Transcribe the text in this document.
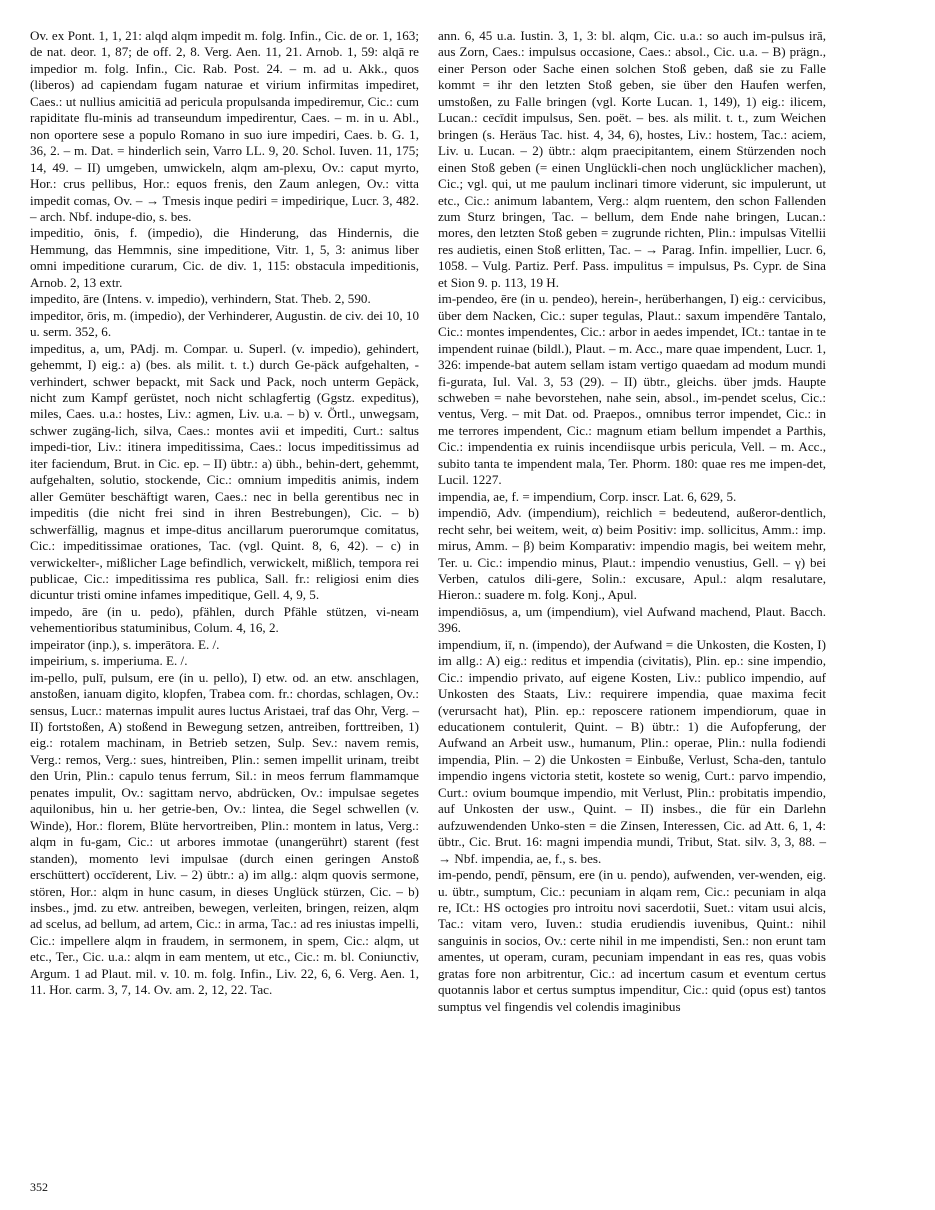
Ov. ex Pont. 1, 1, 21: alqd alqm impedit m. folg. Infin., Cic. de or. 1, 163; de nat. deor. 1, 87; de off. 2, 8. Verg. Aen. 11, 21. Arnob. 1, 59: alqā re impedior m. folg. Infin., Cic. Rab. Post. 24. – m. ad u. Akk., quos (liberos) ad capiendam fugam naturae et virium infirmitas impediret, Caes.: ut nullius amicitiā ad pericula propulsanda impediremur, Cic.: cum rapiditate flu-minis ad transeundum impedirentur, Caes. – m. in u. Abl., non oportere sese a populo Romano in suo iure impediri, Caes. b. G. 1, 36, 2. – m. Dat. = hinderlich sein, Varro LL. 9, 20. Schol. Iuven. 11, 175; 14, 49. – II) umgeben, umwickeln, alqm am-plexu, Ov.: caput myrto, Hor.: crus pellibus, Hor.: equos frenis, den Zaum anlegen, Ov.: vitta impedit comas, Ov. – → Tmesis inque pediri = impedirique, Lucr. 3, 482. – arch. Nbf. indupe-dio, s. bes.
impeditio, ōnis, f. (impedio), die Hinderung, das Hindernis, die Hemmung, das Hemmnis, sine impeditione, Vitr. 1, 5, 3: animus liber omni impeditione curarum, Cic. de div. 1, 115: obstacula impeditionis, Arnob. 2, 13 extr.
impedito, āre (Intens. v. impedio), verhindern, Stat. Theb. 2, 590.
impeditor, ōris, m. (impedio), der Verhinderer, Augustin. de civ. dei 10, 10 u. serm. 352, 6.
impeditus, a, um, PAdj. m. Compar. u. Superl. (v. impedio), gehindert, gehemmt, I) eig.: a) (bes. als milit. t. t.) durch Ge-päck aufgehalten, -verhindert, schwer bepackt, mit Sack und Pack, noch unterm Gepäck, nicht zum Kampf gerüstet, noch nicht schlagfertig (Ggstz. expeditus), miles, Caes. u.a.: hostes, Liv.: agmen, Liv. u.a. – b) v. Örtl., unwegsam, schwer zugäng-lich, silva, Caes.: montes avii et impediti, Curt.: saltus impedi-tior, Liv.: itinera impeditissima, Caes.: locus impeditissimus ad iter faciendum, Brut. in Cic. ep. – II) übtr.: a) übh., behin-dert, gehemmt, aufgehalten, solutio, stockende, Cic.: omnium impeditis animis, indem aller Gemüter beschäftigt waren, Caes.: nec in bella gerentibus nec in impeditis (die nicht frei sind in ihren Bestrebungen), Cic. – b) schwerfällig, magnus et impe-ditus ancillarum puerorumque comitatus, Cic.: impeditissimae orationes, Tac. (vgl. Quint. 8, 6, 42). – c) in verwickelter-, mißlicher Lage befindlich, verwickelt, mißlich, tempora rei publicae, Cic.: impeditissima res publica, Sall. fr.: religiosi enim dies dicuntur tristi omine infames impeditique, Gell. 4, 9, 5.
impedo, āre (in u. pedo), pfählen, durch Pfähle stützen, vi-neam vehementioribus statuminibus, Colum. 4, 16, 2.
impeirator (inp.), s. imperātora. E. /.
impeirium, s. imperiuma. E. /.
im-pello, pulī, pulsum, ere (in u. pello), I) etw. od. an etw. anschlagen, anstoßen, ianuam digito, klopfen, Trabea com. fr.: chordas, schlagen, Ov.: sensus, Lucr.: maternas impulit aures luctus Aristaei, traf das Ohr, Verg. – II) fortstoßen, A) stoßend in Bewegung setzen, antreiben, forttreiben, 1) eig.: rotalem machinam, in Betrieb setzen, Sulp. Sev.: navem remis, Verg.: remos, Verg.: sues, hintreiben, Plin.: semen impellit urinam, treibt den Urin, Plin.: capulo tenus ferrum, Sil.: in meos ferrum flammamque penates impulit, Ov.: sagittam nervo, abdrücken, Ov.: impulsae segetes aquilonibus, hin u. her getrie-ben, Ov.: lintea, die Segel schwellen (v. Winde), Hor.: florem, Blüte hervortreiben, Plin.: montem in latus, Verg.: alqm in fu-gam, Cic.: ut arbores immotae (unangerührt) starent (fest standen), momento levi impulsae (durch einen geringen Anstoß erschüttert) occīderent, Liv. – 2) übtr.: a) im allg.: alqm quovis sermone, stören, Hor.: alqm in hunc casum, in dieses Unglück stürzen, Cic. – b) insbes., jmd. zu etw. antreiben, bewegen, verleiten, bringen, reizen, alqm ad scelus, ad bellum, ad artem, Cic.: in arma, Tac.: ad res iniustas impelli, Cic.: impellere alqm in fraudem, in sermonem, in spem, Cic.: alqm, ut etc., Ter., Cic. u.a.: alqm in eam mentem, ut etc., Cic.: m. bl. Coniunctiv, Argum. 1 ad Plaut. mil. v. 10. m. folg. Infin., Liv. 22, 6, 6. Verg. Aen. 1, 11. Hor. carm. 3, 7, 14. Ov. am. 2, 12, 22. Tac.
ann. 6, 45 u.a. Iustin. 3, 1, 3: bl. alqm, Cic. u.a.: so auch im-pulsus irā, aus Zorn, Caes.: impulsus occasione, Caes.: absol., Cic. u.a. – B) prägn., einer Person oder Sache einen solchen Stoß geben, daß sie zu Falle kommt = ihr den letzten Stoß geben, sie über den Haufen werfen, umstoßen, zu Falle bringen (vgl. Korte Lucan. 1, 149), 1) eig.: ilicem, Lucan.: cecīdit impulsus, Sen. poët. – bes. als milit. t. t., zum Weichen bringen (s. Heräus Tac. hist. 4, 34, 6), hostes, Liv.: hostem, Tac.: aciem, Liv. u. Lucan. – 2) übtr.: alqm praecipitantem, einem Stürzenden noch einen Stoß geben (= einen Unglückli-chen noch unglücklicher machen), Cic.; vgl. qui, ut me paulum inclinari timore viderunt, sic impulerunt, ut etc., Cic.: animum labantem, Verg.: alqm ruentem, den schon Fallenden zum Sturz bringen, Tac. – bellum, dem Ende nahe bringen, Lucan.: mores, den letzten Stoß geben = zugrunde richten, Plin.: impulsas Vitellii res audietis, einen Stoß erlitten, Tac. – → Parag. Infin. impellier, Lucr. 6, 1058. – Vulg. Partiz. Perf. Pass. impulitus = impulsus, Ps. Cypr. de Sina et Sion 9. p. 113, 19 H.
im-pendeo, ēre (in u. pendeo), herein-, herüberhangen, I) eig.: cervicibus, über dem Nacken, Cic.: super tegulas, Plaut.: saxum impendēre Tantalo, Cic.: montes impendentes, Cic.: arbor in aedes impendet, ICt.: tantae in te impendent ruinae (bildl.), Plaut. – m. Acc., mare quae impendent, Lucr. 1, 326: impende-bat autem sellam istam vertigo quaedam ad modum mundi fi-gurata, Iul. Val. 3, 53 (29). – II) übtr., gleichs. über jmds. Haupte schweben = nahe bevorstehen, nahe sein, absol., im-pendet scelus, Cic.: ventus, Verg. – mit Dat. od. Praepos., omnibus terror impendet, Cic.: in me terrores impendent, Cic.: magnum etiam bellum impendet a Parthis, Cic.: impendentia ex ruinis incendiisque urbis pericula, Vell. – m. Acc., subito tanta te impendent mala, Ter. Phorm. 180: quae res me impen-det, Lucil. 1227.
impendia, ae, f. = impendium, Corp. inscr. Lat. 6, 629, 5.
impendiō, Adv. (impendium), reichlich = bedeutend, außeror-dentlich, recht sehr, bei weitem, weit, α) beim Positiv: imp. sollicitus, Amm.: imp. mirus, Amm. – β) beim Komparativ: impendio magis, bei weitem mehr, Ter. u. Cic.: impendio minus, Plaut.: impendio venustius, Gell. – γ) bei Verben, catulos dili-gere, Solin.: excusare, Apul.: alqm resalutare, Hieron.: suadere m. folg. Konj., Apul.
impendiōsus, a, um (impendium), viel Aufwand machend, Plaut. Bacch. 396.
impendium, iī, n. (impendo), der Aufwand = die Unkosten, die Kosten, I) im allg.: A) eig.: reditus et impendia (civitatis), Plin. ep.: sine impendio, Cic.: impendio privato, auf eigene Kosten, Liv.: publico impendio, auf Unkosten des Staats, Liv.: requirere impendia, quae maxima fecit (verursacht hat), Plin. ep.: reposcere rationem impendiorum, quae in educationem contulerit, Quint. – B) übtr.: 1) die Aufopferung, der Aufwand an Arbeit usw., humanum, Plin.: operae, Plin.: nulla fodiendi impendia, Plin. – 2) die Unkosten = Einbuße, Verlust, Scha-den, tantulo impendio ingens victoria stetit, kostete so wenig, Curt.: parvo impendio, Curt.: ovium boumque impendio, mit Verlust, Plin.: probitatis impendio, auf Unkosten der usw., Quint. – II) insbes., die für ein Darlehn aufzuwendenden Unko-sten = die Zinsen, Interessen, Cic. ad Att. 6, 1, 4: übtr., Cic. Brut. 16: magni impendia mundi, Tribut, Stat. silv. 3, 3, 88. – → Nbf. impendia, ae, f., s. bes.
im-pendo, pendī, pēnsum, ere (in u. pendo), aufwenden, ver-wenden, eig. u. übtr., sumptum, Cic.: pecuniam in alqam rem, Cic.: pecuniam in alqa re, ICt.: HS octogies pro introitu novi sacerdotii, Suet.: vitam usui alcis, Tac.: vitam vero, Iuven.: studia erudiendis iuvenibus, Quint.: nihil sanguinis in socios, Ov.: certe nihil in me impendisti, Sen.: non erunt tam amentes, ut operam, curam, pecuniam impendant in eas res, quas vobis gratas fore non arbitrentur, Cic.: ad incertum casum et eventum certus quotannis labor et certus sumptus impenditur, Cic.: quid (opus est) tantos sumptus vel fingendis vel colendis imaginibus
352
